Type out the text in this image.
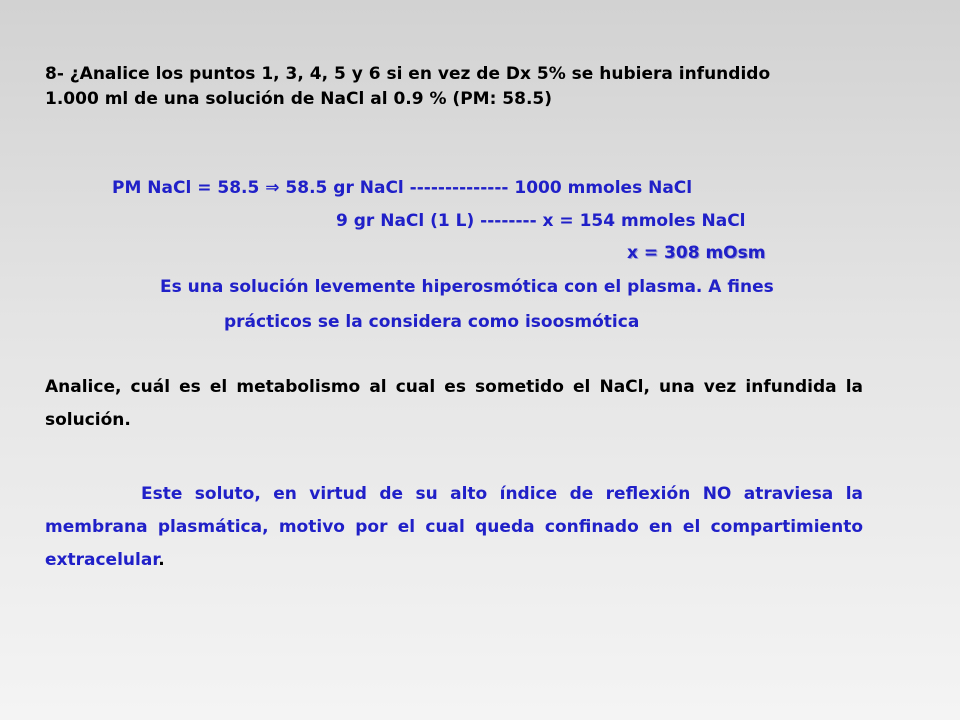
8- ¿Analice los puntos 1, 3, 4, 5 y 6 si en vez de Dx 5% se hubiera infundido
1.000 ml de una solución de NaCl al 0.9 % (PM: 58.5)
PM NaCl = 58.5 ⇒ 58.5 gr NaCl -------------- 1000 mmoles NaCl
9 gr NaCl (1 L) -------- x = 154 mmoles NaCl
x = 308 mOsm
Es una solución levemente hiperosmótica con el plasma. A fines
prácticos se la considera como isoosmótica
Analice, cuál es el metabolismo al cual es sometido el NaCl, una vez infundida la solución.
Este soluto, en virtud de su alto índice de reflexión NO atraviesa la membrana plasmática, motivo por el cual queda confinado en el compartimiento extracelular.
